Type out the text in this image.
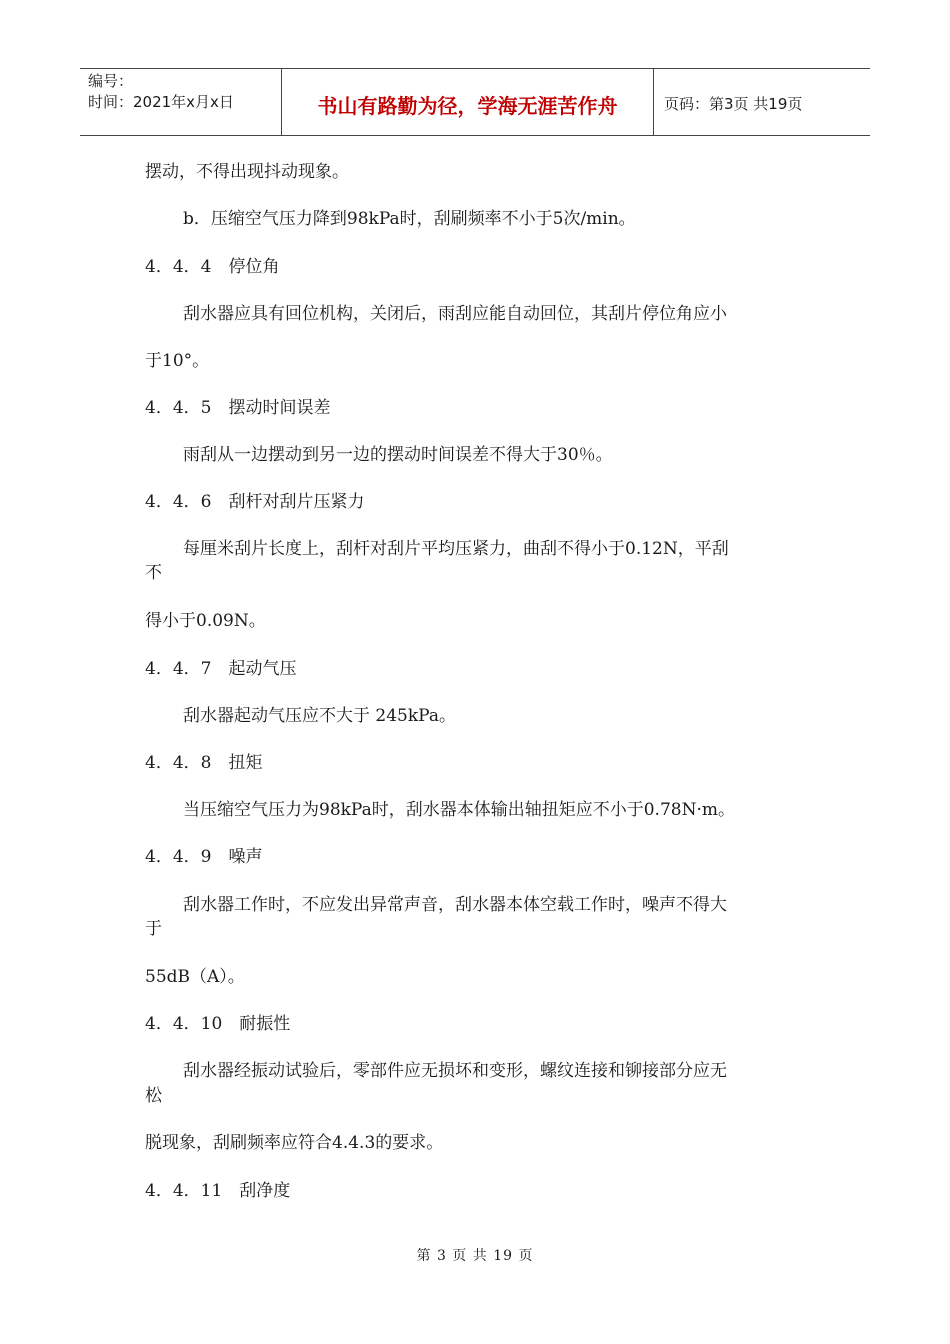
编号：
时间：2021年x月x日	书山有路勤为径，学海无涯苦作舟	页码：第3页 共19页
摆动，不得出现抖动现象。
b．压缩空气压力降到98kPa时，刮刷频率不小于5次/min。
4．4．4　停位角
刮水器应具有回位机构，关闭后，雨刮应能自动回位，其刮片停位角应小
于10°。
4．4．5　摆动时间误差
雨刮从一边摆动到另一边的摆动时间误差不得大于30％。
4．4．6　刮杆对刮片压紧力
每厘米刮片长度上，刮杆对刮片平均压紧力，曲刮不得小于0.12N，平刮
不
得小于0.09N。
4．4．7　起动气压
刮水器起动气压应不大于 245kPa。
4．4．8　扭矩
当压缩空气压力为98kPa时，刮水器本体输出轴扭矩应不小于0.78N·m。
4．4．9　噪声
刮水器工作时，不应发出异常声音，刮水器本体空载工作时，噪声不得大
于
55dB（A）。
4．4．10　耐振性
刮水器经振动试验后，零部件应无损坏和变形，螺纹连接和铆接部分应无
松
脱现象，刮刷频率应符合4.4.3的要求。
4．4．11　刮净度
第 3 页 共 19 页
